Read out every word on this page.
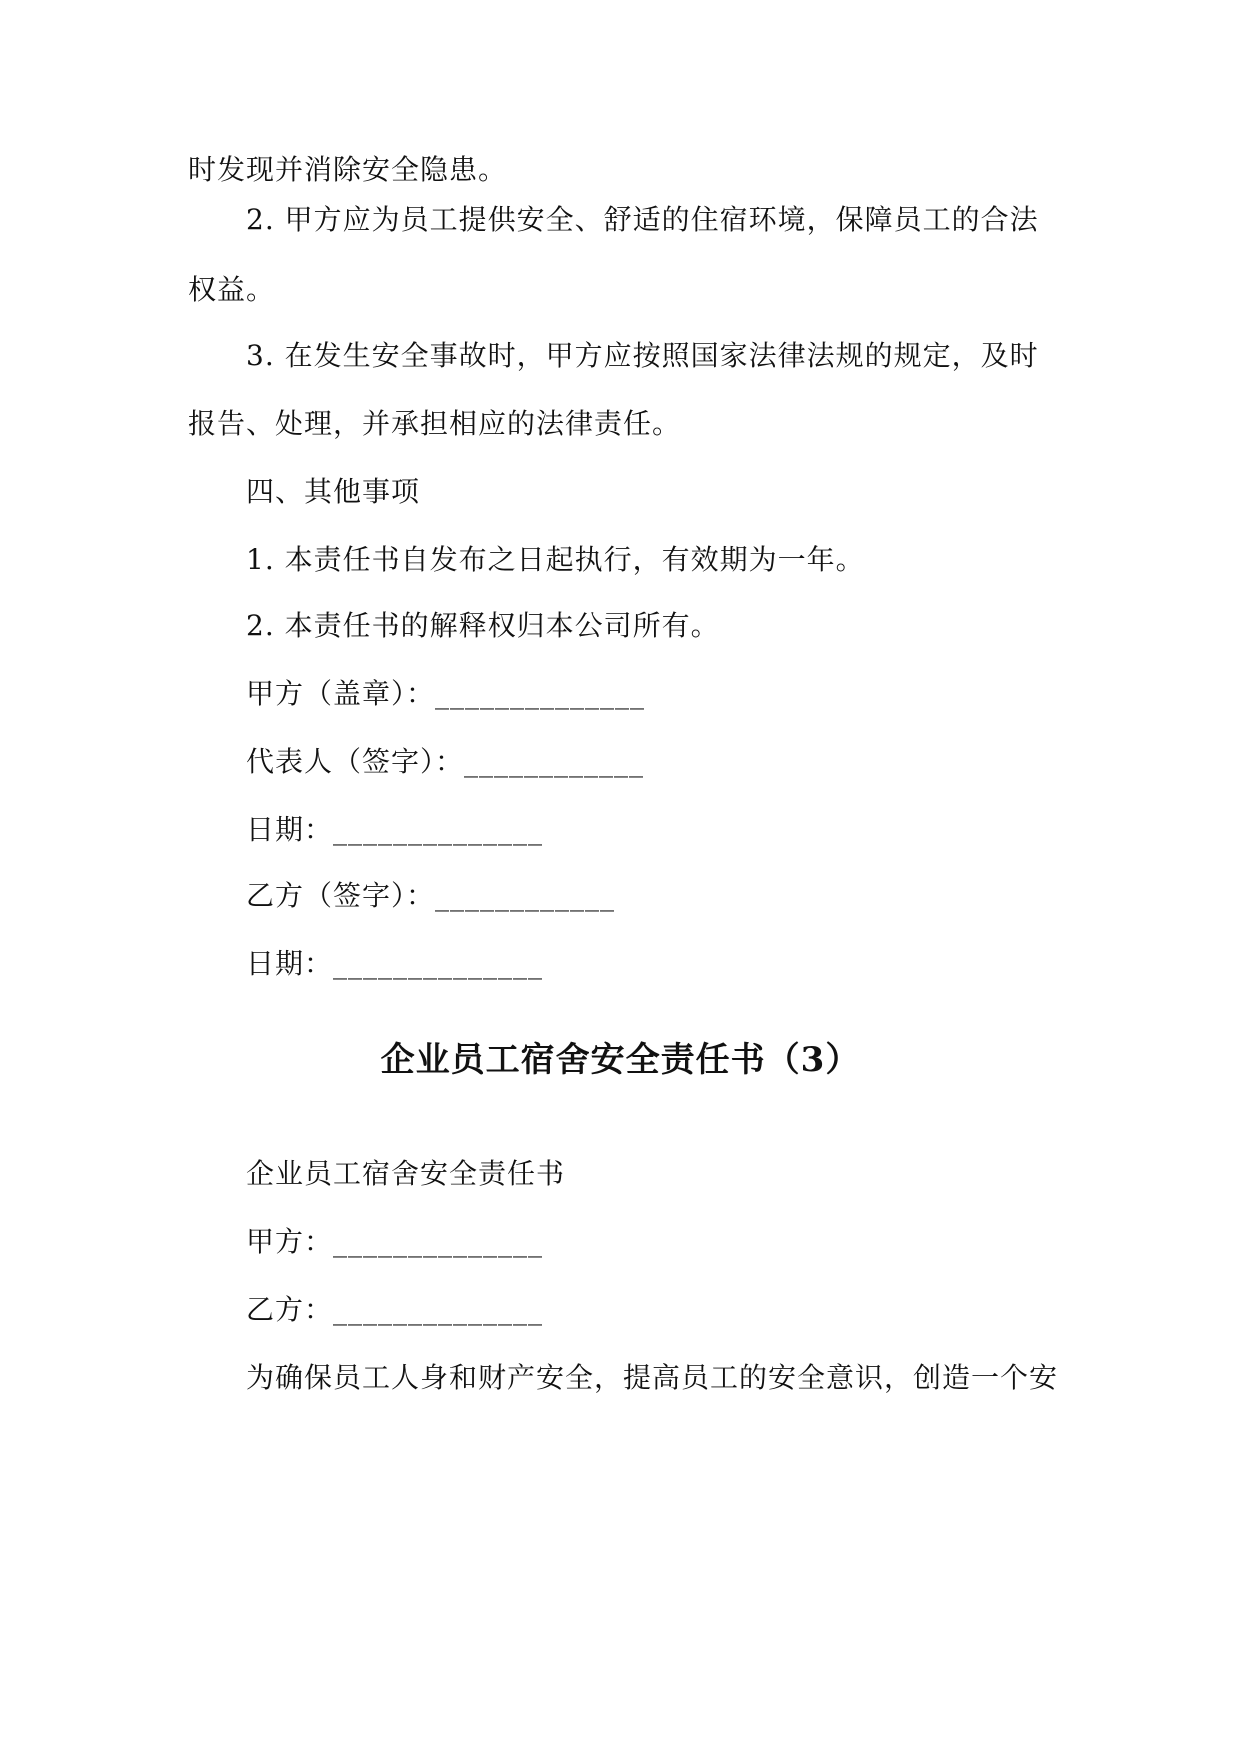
时发现并消除安全隐患。
2. 甲方应为员工提供安全、舒适的住宿环境，保障员工的合法
权益。
3. 在发生安全事故时，甲方应按照国家法律法规的规定，及时
报告、处理，并承担相应的法律责任。
四、其他事项
1. 本责任书自发布之日起执行，有效期为一年。
2. 本责任书的解释权归本公司所有。
甲方（盖章）：______________
代表人（签字）：____________
日期：______________
乙方（签字）：____________
日期：______________
企业员工宿舍安全责任书（3）
企业员工宿舍安全责任书
甲方：______________
乙方：______________
为确保员工人身和财产安全，提高员工的安全意识，创造一个安
